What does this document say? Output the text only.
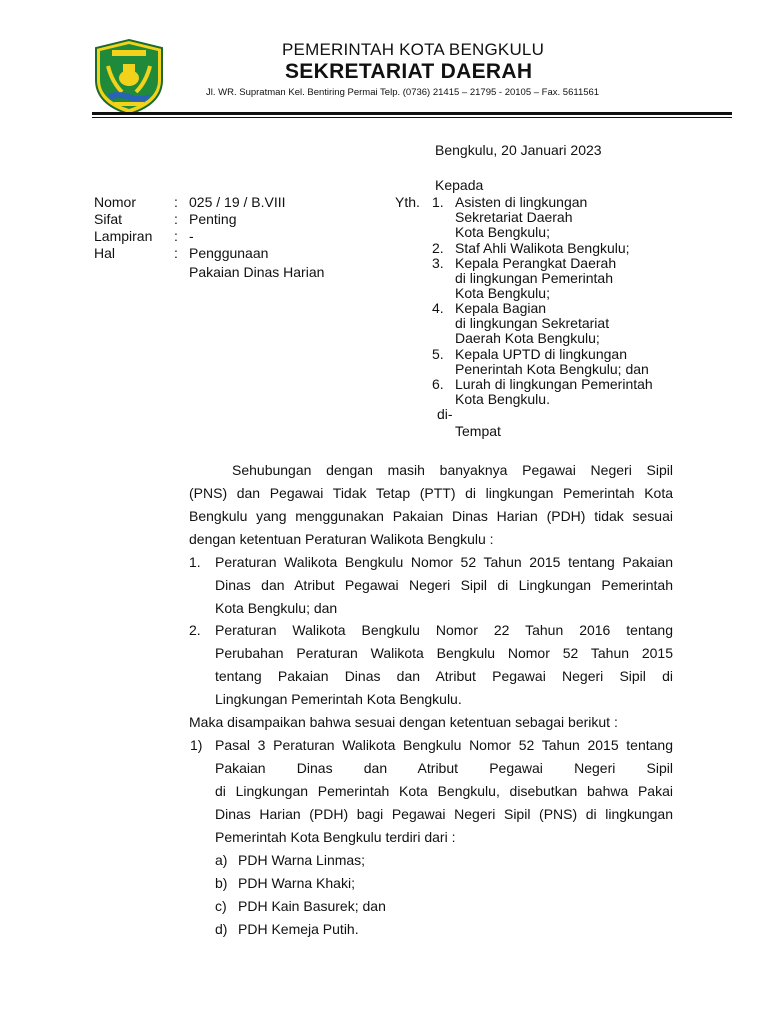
PEMERINTAH KOTA BENGKULU
SEKRETARIAT DAERAH
Jl. WR. Supratman Kel. Bentiring Permai Telp. (0736) 21415 – 21795 - 20105 – Fax. 5611561
Bengkulu, 20 Januari 2023
Nomor	: 025 / 19 / B.VIII
Sifat	: Penting
Lampiran : -
Hal	: Penggunaan
Pakaian Dinas Harian
Kepada
Yth. 1. Asisten di lingkungan
Sekretariat Daerah
Kota Bengkulu;
2. Staf Ahli Walikota Bengkulu;
3. Kepala Perangkat Daerah
di lingkungan Pemerintah
Kota Bengkulu;
4. Kepala Bagian
di lingkungan Sekretariat
Daerah Kota Bengkulu;
5. Kepala UPTD di lingkungan
Penerintah Kota Bengkulu; dan
6. Lurah di lingkungan Pemerintah
Kota Bengkulu.
di-
Tempat
Sehubungan dengan masih banyaknya Pegawai Negeri Sipil
(PNS) dan Pegawai Tidak Tetap (PTT) di lingkungan Pemerintah Kota
Bengkulu yang menggunakan Pakaian Dinas Harian (PDH) tidak sesuai
dengan ketentuan Peraturan Walikota Bengkulu :
1. Peraturan Walikota Bengkulu Nomor 52 Tahun 2015 tentang Pakaian
Dinas dan Atribut Pegawai Negeri Sipil di Lingkungan Pemerintah
Kota Bengkulu; dan
2. Peraturan Walikota Bengkulu Nomor 22 Tahun 2016 tentang
Perubahan Peraturan Walikota Bengkulu Nomor 52 Tahun 2015
tentang Pakaian Dinas dan Atribut Pegawai Negeri Sipil di
Lingkungan Pemerintah Kota Bengkulu.
Maka disampaikan bahwa sesuai dengan ketentuan sebagai berikut :
1) Pasal 3 Peraturan Walikota Bengkulu Nomor 52 Tahun 2015 tentang
Pakaian Dinas dan Atribut Pegawai Negeri Sipil
di Lingkungan Pemerintah Kota Bengkulu, disebutkan bahwa Pakai
Dinas Harian (PDH) bagi Pegawai Negeri Sipil (PNS) di lingkungan
Pemerintah Kota Bengkulu terdiri dari :
a) PDH Warna Linmas;
b) PDH Warna Khaki;
c) PDH Kain Basurek; dan
d) PDH Kemeja Putih.
